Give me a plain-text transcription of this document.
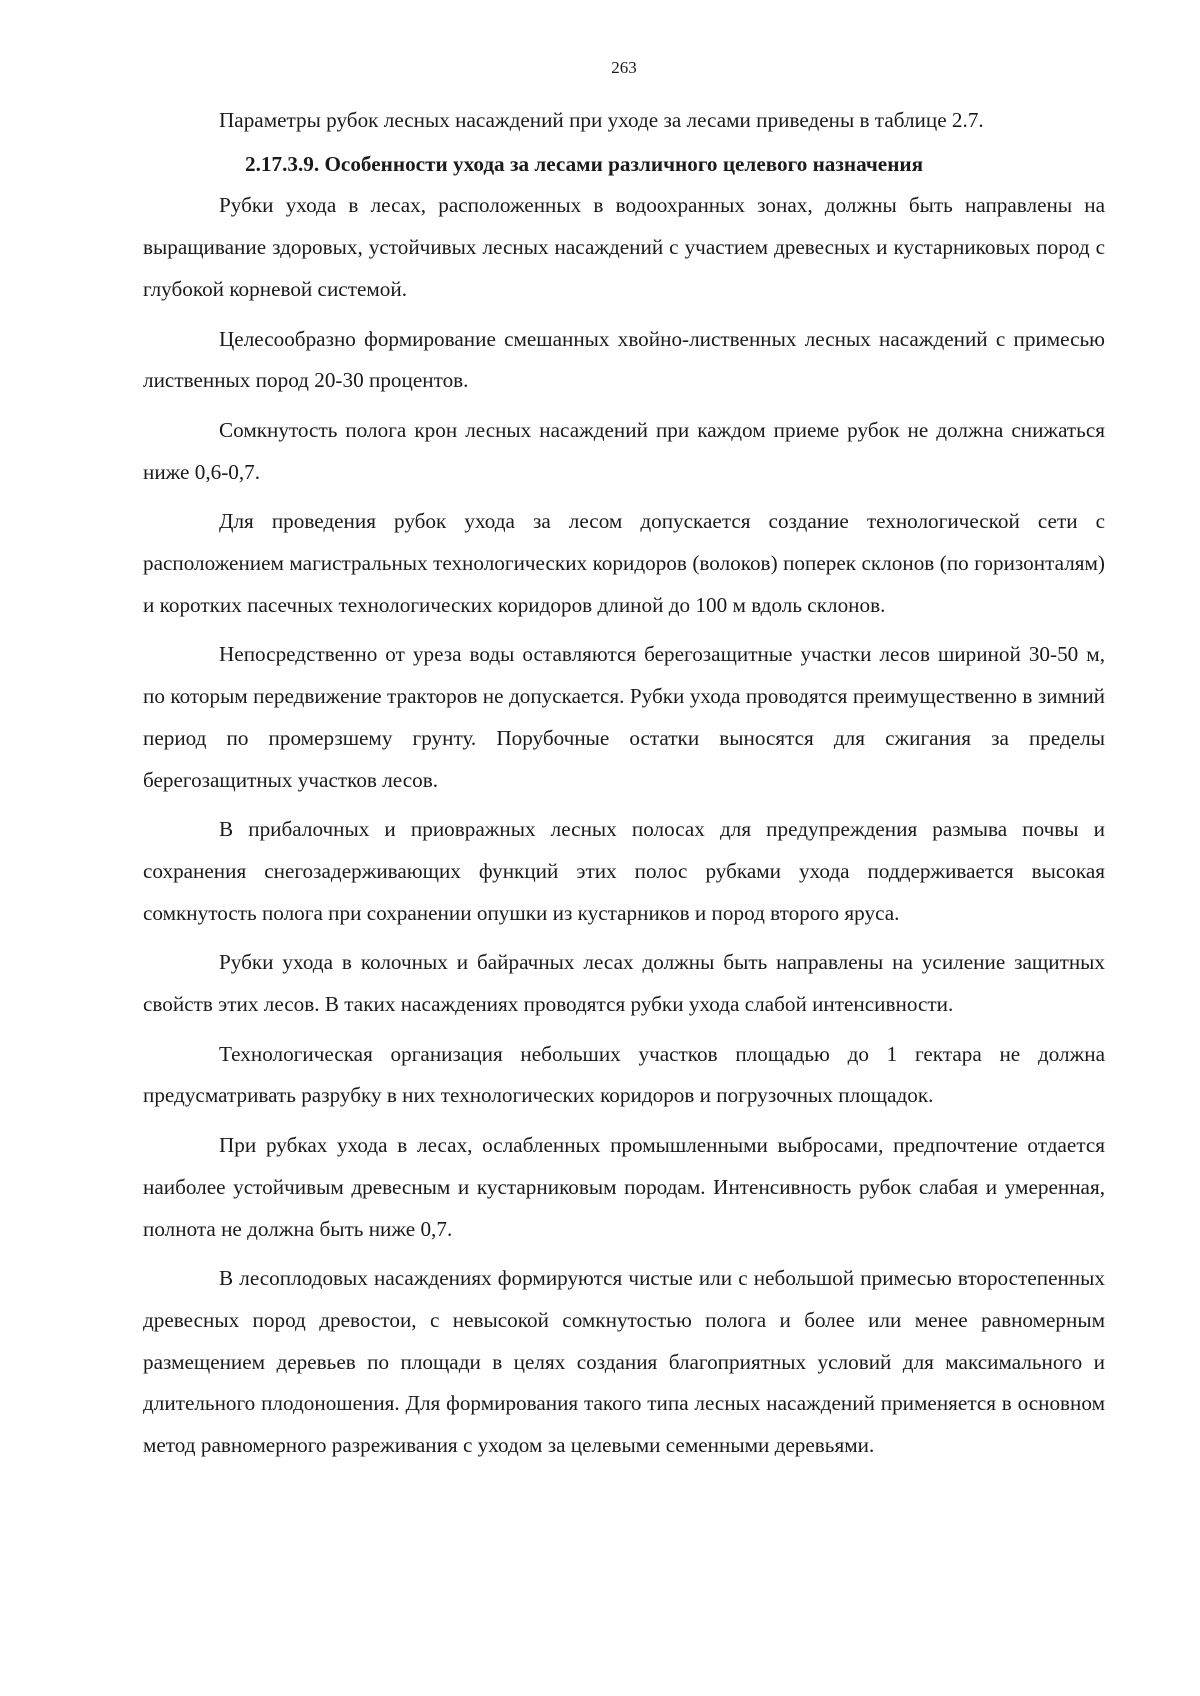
263

Параметры рубок лесных насаждений при уходе за лесами приведены в таблице 2.7.

2.17.3.9. Особенности ухода за лесами различного целевого назначения

Рубки ухода в лесах, расположенных в водоохранных зонах, должны быть направлены на выращивание здоровых, устойчивых лесных насаждений с участием древесных и кустарниковых пород с глубокой корневой системой.

Целесообразно формирование смешанных хвойно-лиственных лесных насаждений с примесью лиственных пород 20-30 процентов.

Сомкнутость полога крон лесных насаждений при каждом приеме рубок не должна снижаться ниже 0,6-0,7.

Для проведения рубок ухода за лесом допускается создание технологической сети с расположением магистральных технологических коридоров (волоков) поперек склонов (по горизонталям) и коротких пасечных технологических коридоров длиной до 100 м вдоль склонов.

Непосредственно от уреза воды оставляются берегозащитные участки лесов шириной 30-50 м, по которым передвижение тракторов не допускается. Рубки ухода проводятся преимущественно в зимний период по промерзшему грунту. Порубочные остатки выносятся для сжигания за пределы берегозащитных участков лесов.

В прибалочных и приовражных лесных полосах для предупреждения размыва почвы и сохранения снегозадерживающих функций этих полос рубками ухода поддерживается высокая сомкнутость полога при сохранении опушки из кустарников и пород второго яруса.

Рубки ухода в колочных и байрачных лесах должны быть направлены на усиление защитных свойств этих лесов. В таких насаждениях проводятся рубки ухода слабой интенсивности.

Технологическая организация небольших участков площадью до 1 гектара не должна предусматривать разрубку в них технологических коридоров и погрузочных площадок.

При рубках ухода в лесах, ослабленных промышленными выбросами, предпочтение отдается наиболее устойчивым древесным и кустарниковым породам. Интенсивность рубок слабая и умеренная, полнота не должна быть ниже 0,7.

В лесоплодовых насаждениях формируются чистые или с небольшой примесью второстепенных древесных пород древостои, с невысокой сомкнутостью полога и более или менее равномерным размещением деревьев по площади в целях создания благоприятных условий для максимального и длительного плодоношения. Для формирования такого типа лесных насаждений применяется в основном метод равномерного разреживания с уходом за целевыми семенными деревьями.
